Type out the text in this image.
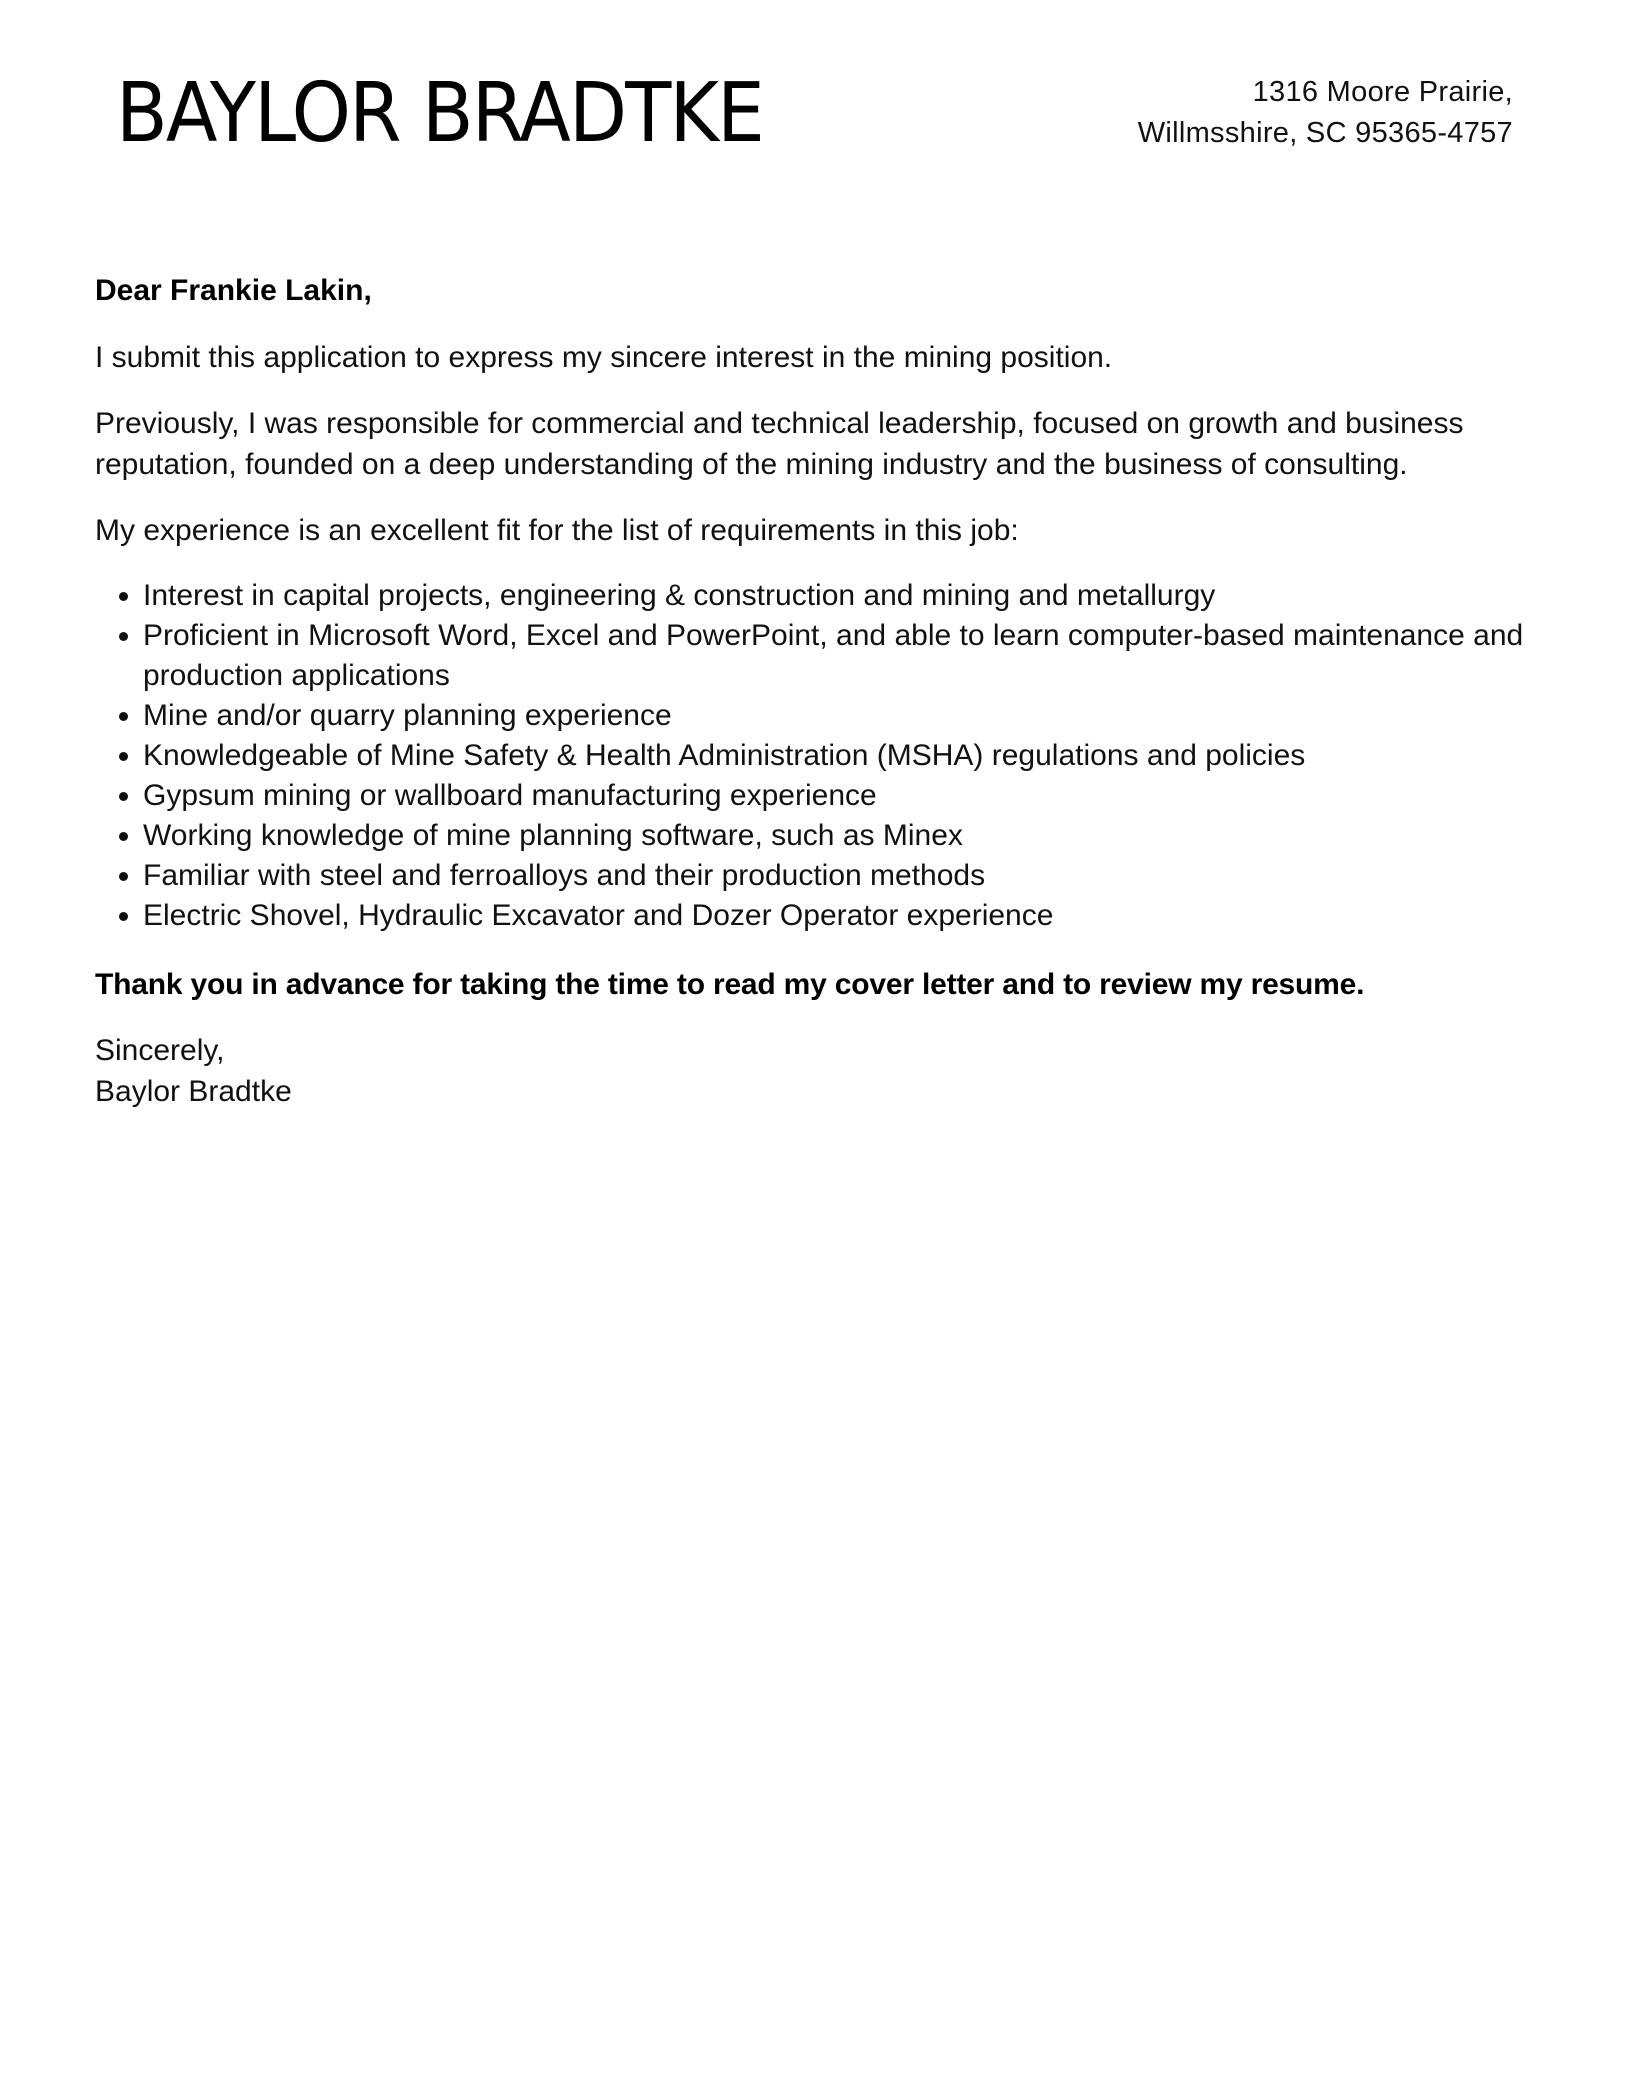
BAYLOR BRADTKE	1316 Moore Prairie,
Willmsshire, SC 95365-4757
Dear Frankie Lakin,
I submit this application to express my sincere interest in the mining position.
Previously, I was responsible for commercial and technical leadership, focused on growth and business reputation, founded on a deep understanding of the mining industry and the business of consulting.
My experience is an excellent fit for the list of requirements in this job:
Interest in capital projects, engineering & construction and mining and metallurgy
Proficient in Microsoft Word, Excel and PowerPoint, and able to learn computer-based maintenance and production applications
Mine and/or quarry planning experience
Knowledgeable of Mine Safety & Health Administration (MSHA) regulations and policies
Gypsum mining or wallboard manufacturing experience
Working knowledge of mine planning software, such as Minex
Familiar with steel and ferroalloys and their production methods
Electric Shovel, Hydraulic Excavator and Dozer Operator experience
Thank you in advance for taking the time to read my cover letter and to review my resume.
Sincerely,
Baylor Bradtke
